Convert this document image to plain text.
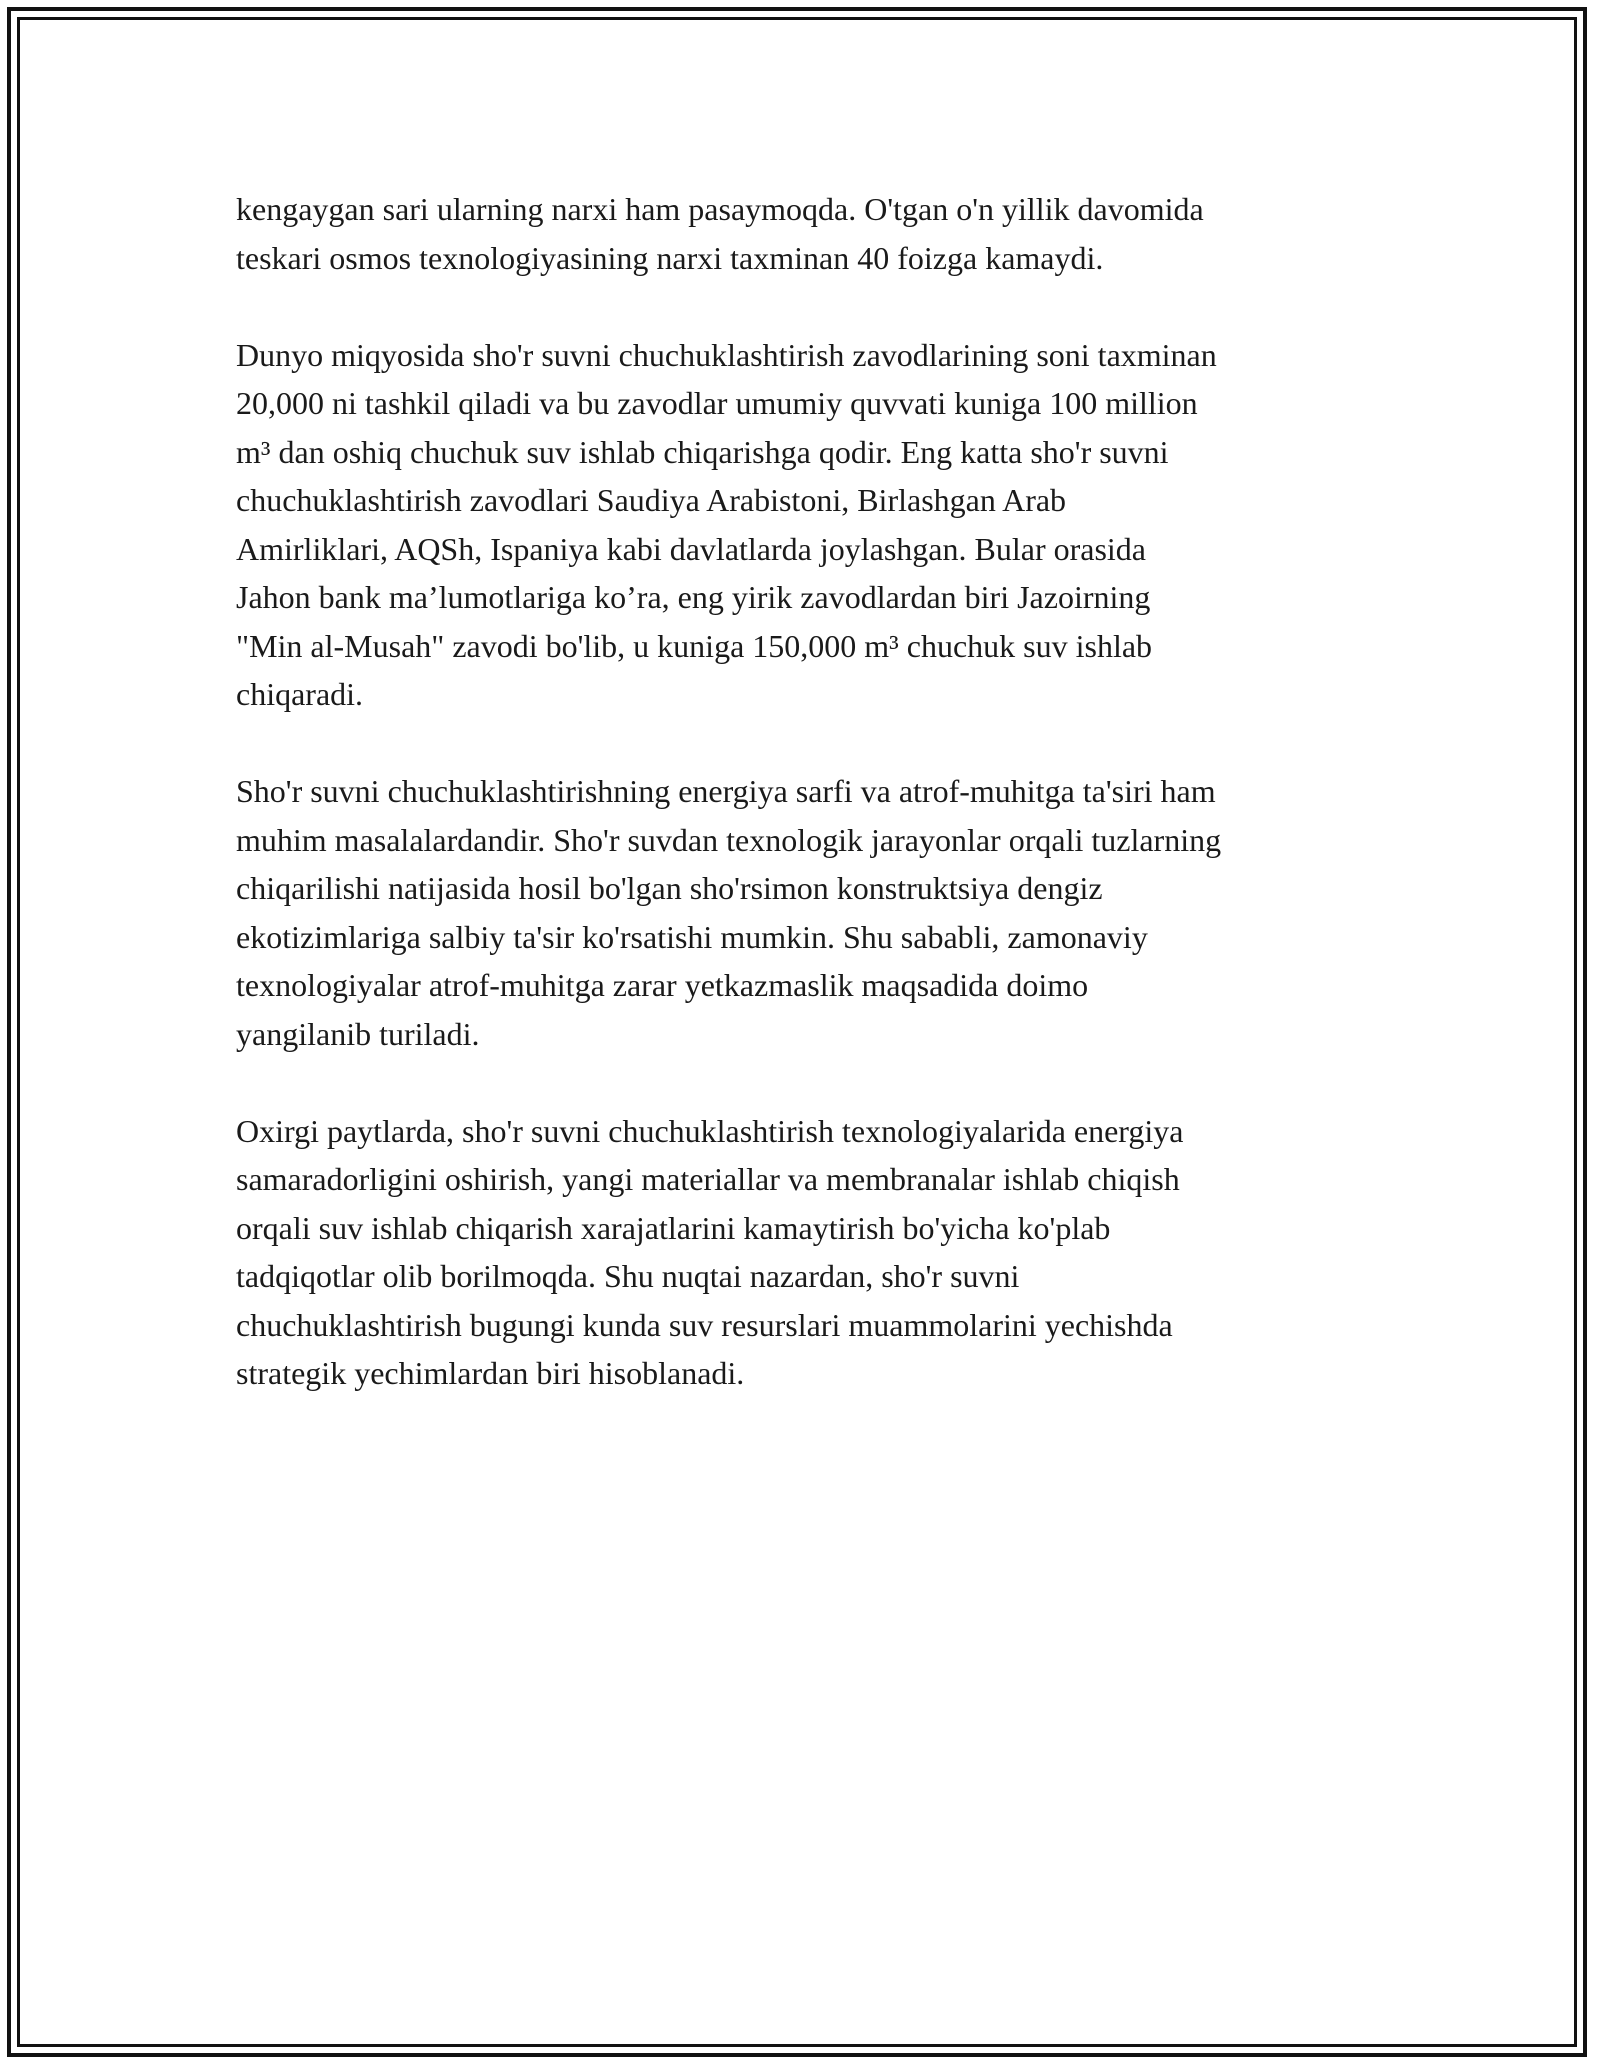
kengaygan sari ularning narxi ham pasaymoqda. O'tgan o'n yillik davomida
teskari osmos texnologiyasining narxi taxminan 40 foizga kamaydi.

Dunyo miqyosida sho'r suvni chuchuklashtirish zavodlarining soni taxminan
20,000 ni tashkil qiladi va bu zavodlar umumiy quvvati kuniga 100 million
m³ dan oshiq chuchuk suv ishlab chiqarishga qodir. Eng katta sho'r suvni
chuchuklashtirish zavodlari Saudiya Arabistoni, Birlashgan Arab
Amirliklari, AQSh, Ispaniya kabi davlatlarda joylashgan. Bular orasida
Jahon bank ma’lumotlariga ko’ra, eng yirik zavodlardan biri Jazoirning
"Min al-Musah" zavodi bo'lib, u kuniga 150,000 m³ chuchuk suv ishlab
chiqaradi.

Sho'r suvni chuchuklashtirishning energiya sarfi va atrof-muhitga ta'siri ham
muhim masalalardandir. Sho'r suvdan texnologik jarayonlar orqali tuzlarning
chiqarilishi natijasida hosil bo'lgan sho'rsimon konstruktsiya dengiz
ekotizimlariga salbiy ta'sir ko'rsatishi mumkin. Shu sababli, zamonaviy
texnologiyalar atrof-muhitga zarar yetkazmaslik maqsadida doimo
yangilanib turiladi.

Oxirgi paytlarda, sho'r suvni chuchuklashtirish texnologiyalarida energiya
samaradorligini oshirish, yangi materiallar va membranalar ishlab chiqish
orqali suv ishlab chiqarish xarajatlarini kamaytirish bo'yicha ko'plab
tadqiqotlar olib borilmoqda. Shu nuqtai nazardan, sho'r suvni
chuchuklashtirish bugungi kunda suv resurslari muammolarini yechishda
strategik yechimlardan biri hisoblanadi.
